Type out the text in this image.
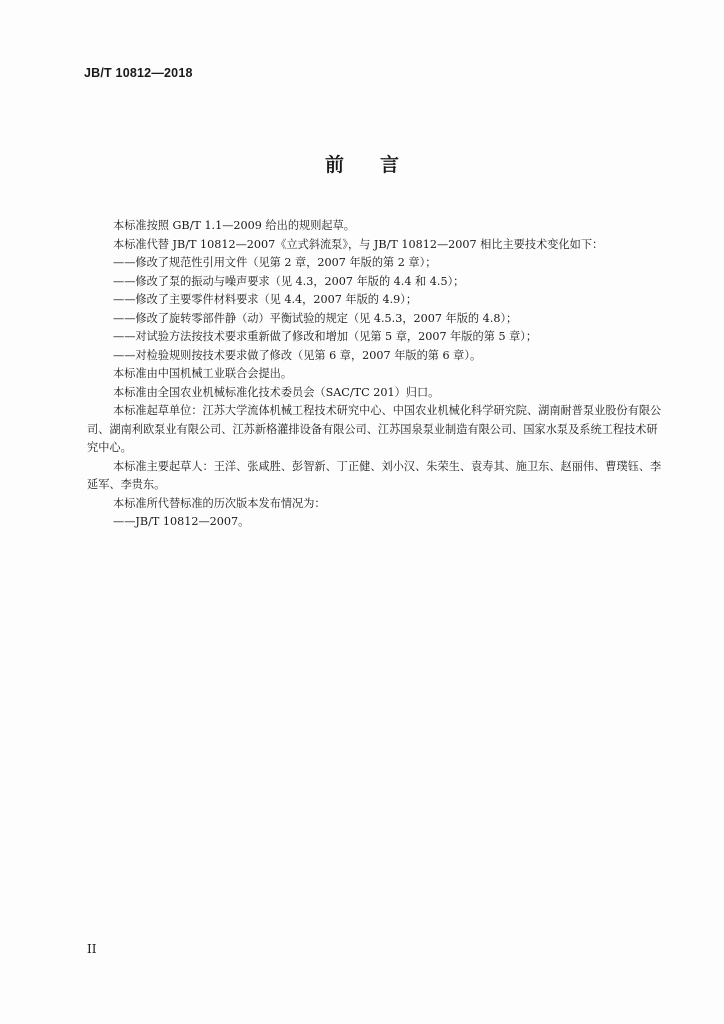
JB/T 10812—2018
前言

本标准按照 GB/T 1.1—2009 给出的规则起草。

本标准代替 JB/T 10812—2007《立式斜流泵》，与 JB/T 10812—2007 相比主要技术变化如下：

——修改了规范性引用文件（见第 2 章，2007 年版的第 2 章）；

——修改了泵的振动与噪声要求（见 4.3，2007 年版的 4.4 和 4.5）；

——修改了主要零件材料要求（见 4.4，2007 年版的 4.9）；

——修改了旋转零部件静（动）平衡试验的规定（见 4.5.3，2007 年版的 4.8）；

——对试验方法按技术要求重新做了修改和增加（见第 5 章，2007 年版的第 5 章）；

——对检验规则按技术要求做了修改（见第 6 章，2007 年版的第 6 章）。

本标准由中国机械工业联合会提出。

本标准由全国农业机械标准化技术委员会（SAC/TC 201）归口。

本标准起草单位：江苏大学流体机械工程技术研究中心、中国农业机械化科学研究院、湖南耐普泵业股份有限公司、湖南利欧泵业有限公司、江苏新格灌排设备有限公司、江苏国泉泵业制造有限公司、国家水泵及系统工程技术研究中心。

本标准主要起草人：王洋、张咸胜、彭智新、丁正健、刘小汉、朱荣生、袁寿其、施卫东、赵丽伟、曹璞钰、李延军、李贵东。

本标准所代替标准的历次版本发布情况为：

——JB/T 10812—2007。

II
